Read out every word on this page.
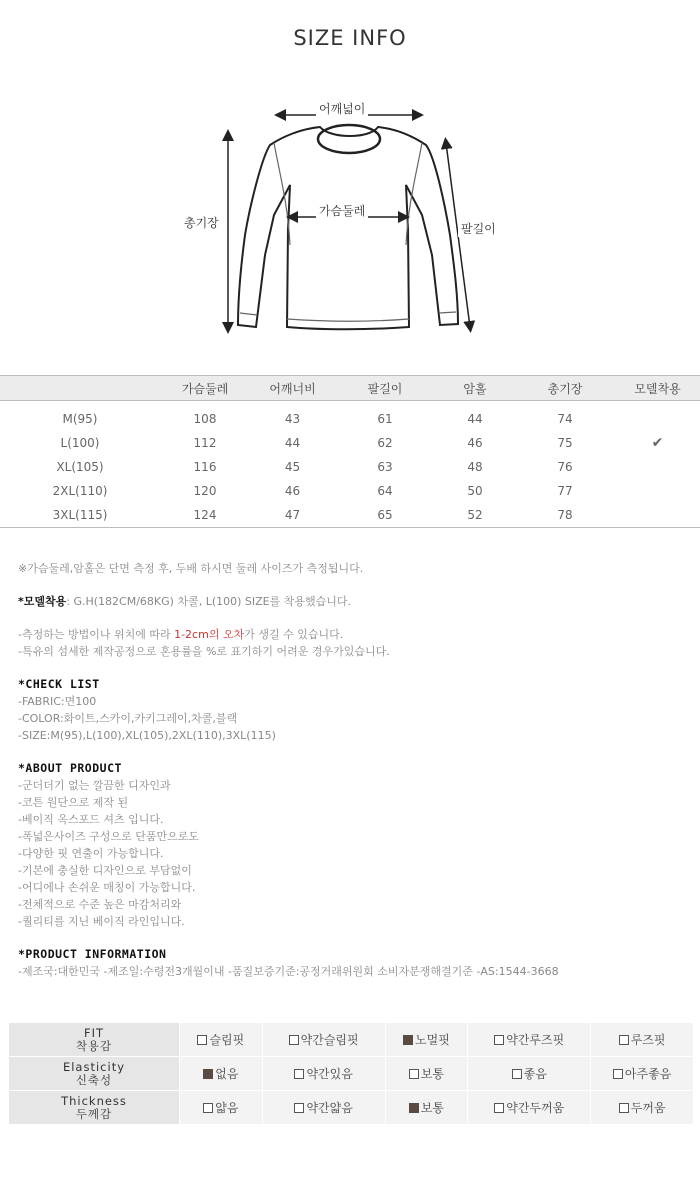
SIZE INFO
어깨넓이
가슴둘레
총기장	팔길이
	가슴둘레	어깨너비	팔길이	암홀	총기장	모델착용

M(95)	108	43	61	44	74	
L(100)	112	44	62	46	75	✔
XL(105)	116	45	63	48	76	
2XL(110)	120	46	64	50	77	
3XL(115)	124	47	65	52	78	

※가슴둘레,암홀은 단면 측정 후, 두배 하시면 둘레 사이즈가 측정됩니다.

*모델착용: G.H(182CM/68KG) 차콜, L(100) SIZE를 착용했습니다.

-측정하는 방법이나 위치에 따라 1-2cm의 오차가 생길 수 있습니다.

-특유의 섬세한 제작공정으로 혼용률을 %로 표기하기 어려운 경우가있습니다.

*CHECK LIST

-FABRIC:면100

-COLOR:화이트,스카이,카키그레이,차콜,블랙

-SIZE:M(95),L(100),XL(105),2XL(110),3XL(115)

*ABOUT PRODUCT

-군더더기 없는 깔끔한 디자인과

-코튼 원단으로 제작 된

-베이직 옥스포드 셔츠 입니다.

-폭넓은사이즈 구성으로 단품만으로도

-다양한 핏 연출이 가능합니다.

-기본에 충실한 디자인으로 부담없이

-어디에나 손쉬운 매칭이 가능합니다.

-전체적으로 수준 높은 마감처리와

-퀄리티를 지닌 베이직 라인입니다.

*PRODUCT INFORMATION

-제조국:대한민국 -제조일:수령전3개월이내 -품질보증기준:공정거래위원회 소비자분쟁해결기준 -AS:1544-3668

FIT
착용감	슬림핏	약간슬림핏	노멀핏	약간루즈핏	루즈핏
Elasticity
신축성	없음	약간있음	보통	좋음	아주좋음
Thickness
두께감	얇음	약간얇음	보통	약간두꺼움	두꺼움
